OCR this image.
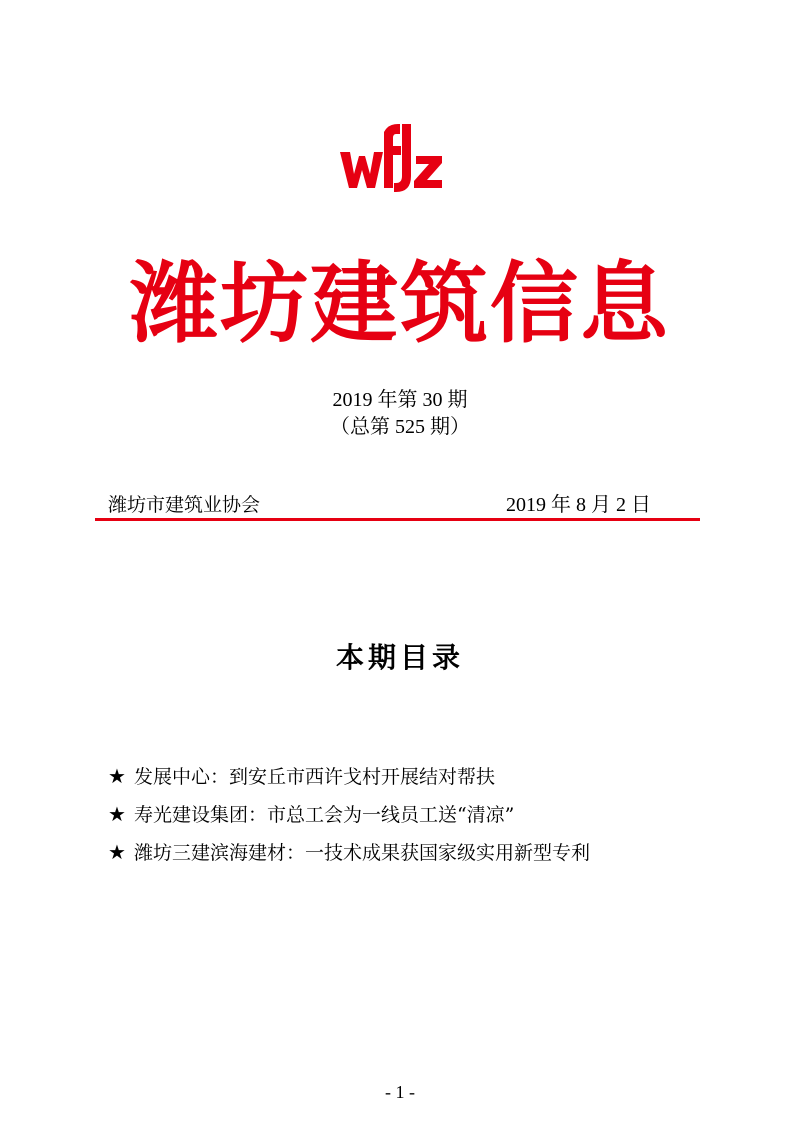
潍坊建筑信息
2019 年第 30 期
（总第 525 期）
潍坊市建筑业协会	2019 年 8 月 2 日
本期目录
★ 发展中心：到安丘市西许戈村开展结对帮扶
★ 寿光建设集团：市总工会为一线员工送“清凉”
★ 潍坊三建滨海建材：一技术成果获国家级实用新型专利
- 1 -
